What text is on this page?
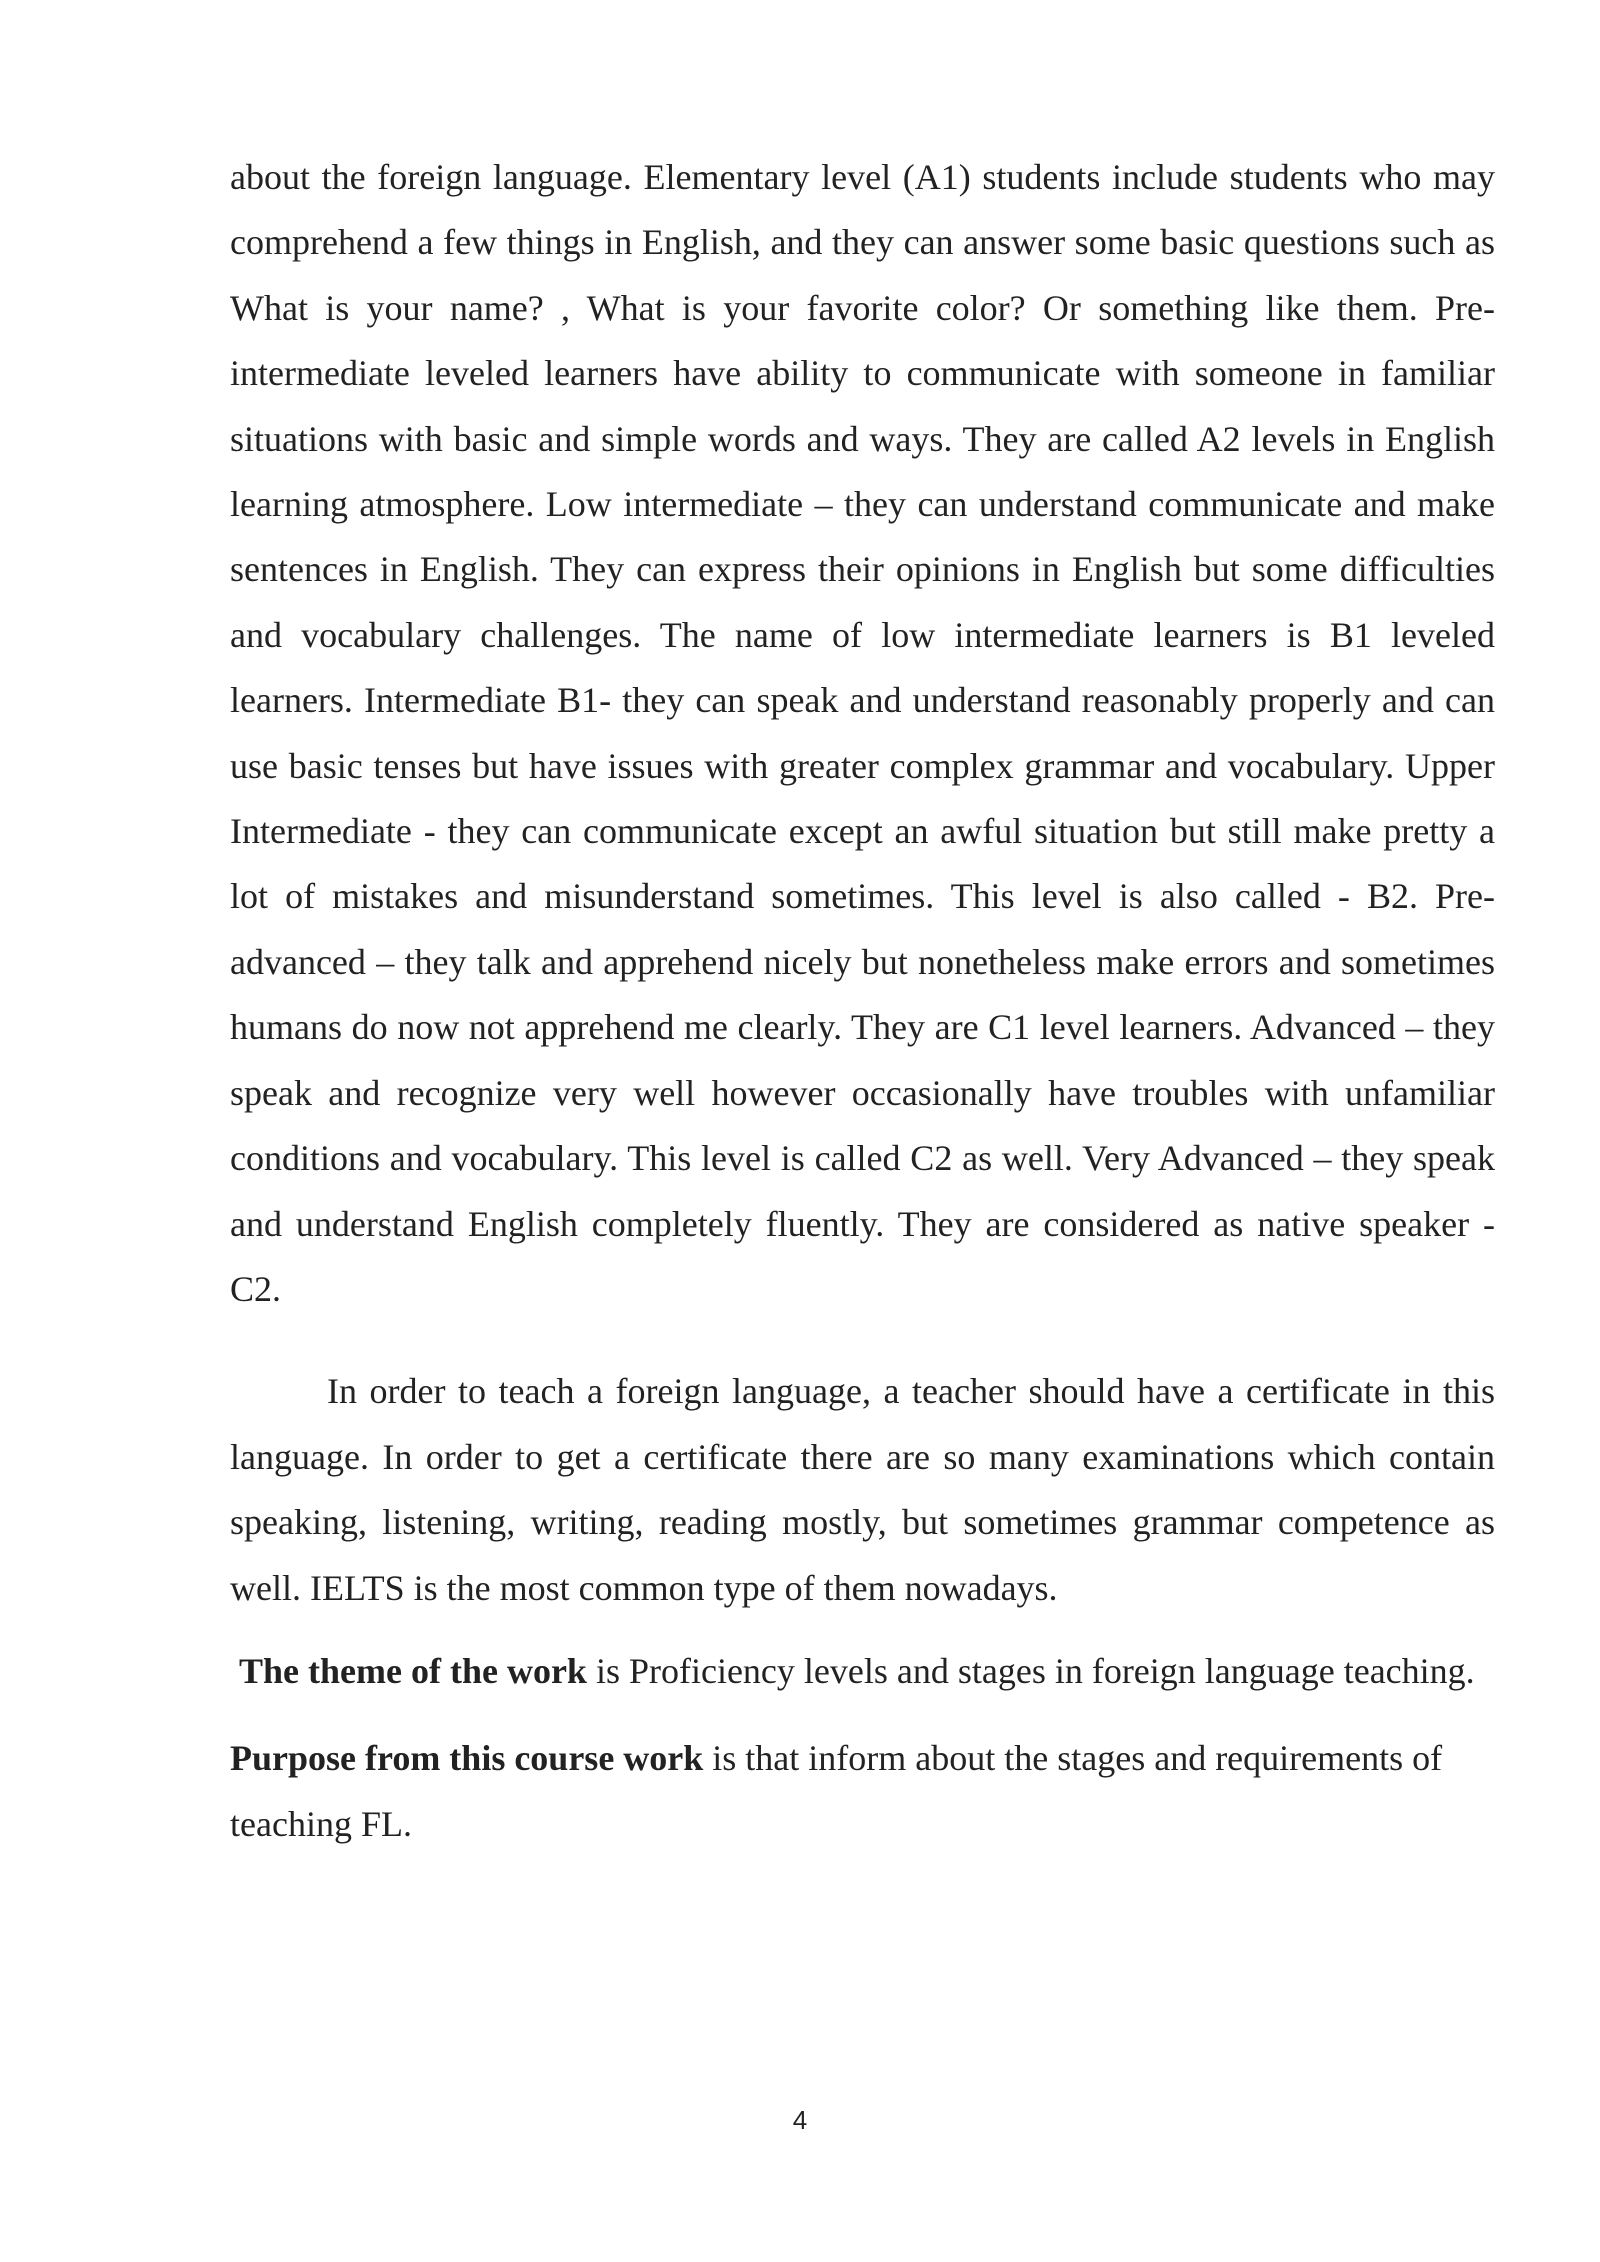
about the foreign language. Elementary level (A1) students include students who may comprehend a few things in English, and they can answer some basic questions such as What is your name? , What is your favorite color? Or something like them. Pre-intermediate leveled learners have ability to communicate with someone in familiar situations with basic and simple words and ways. They are called A2 levels in English learning atmosphere. Low intermediate – they can understand communicate and make sentences in English. They can express their opinions in English but some difficulties and vocabulary challenges. The name of low intermediate learners is B1 leveled learners. Intermediate B1- they can speak and understand reasonably properly and can use basic tenses but have issues with greater complex grammar and vocabulary. Upper Intermediate - they can communicate except an awful situation but still make pretty a lot of mistakes and misunderstand sometimes. This level is also called - B2. Pre-advanced – they talk and apprehend nicely but nonetheless make errors and sometimes humans do now not apprehend me clearly. They are C1 level learners. Advanced – they speak and recognize very well however occasionally have troubles with unfamiliar conditions and vocabulary. This level is called C2 as well. Very Advanced – they speak and understand English completely fluently. They are considered as native speaker - C2.

In order to teach a foreign language, a teacher should have a certificate in this language. In order to get a certificate there are so many examinations which contain speaking, listening, writing, reading mostly, but sometimes grammar competence as well. IELTS is the most common type of them nowadays.

The theme of the work is Proficiency levels and stages in foreign language teaching.

Purpose from this course work is that inform about the stages and requirements of teaching FL.

4
